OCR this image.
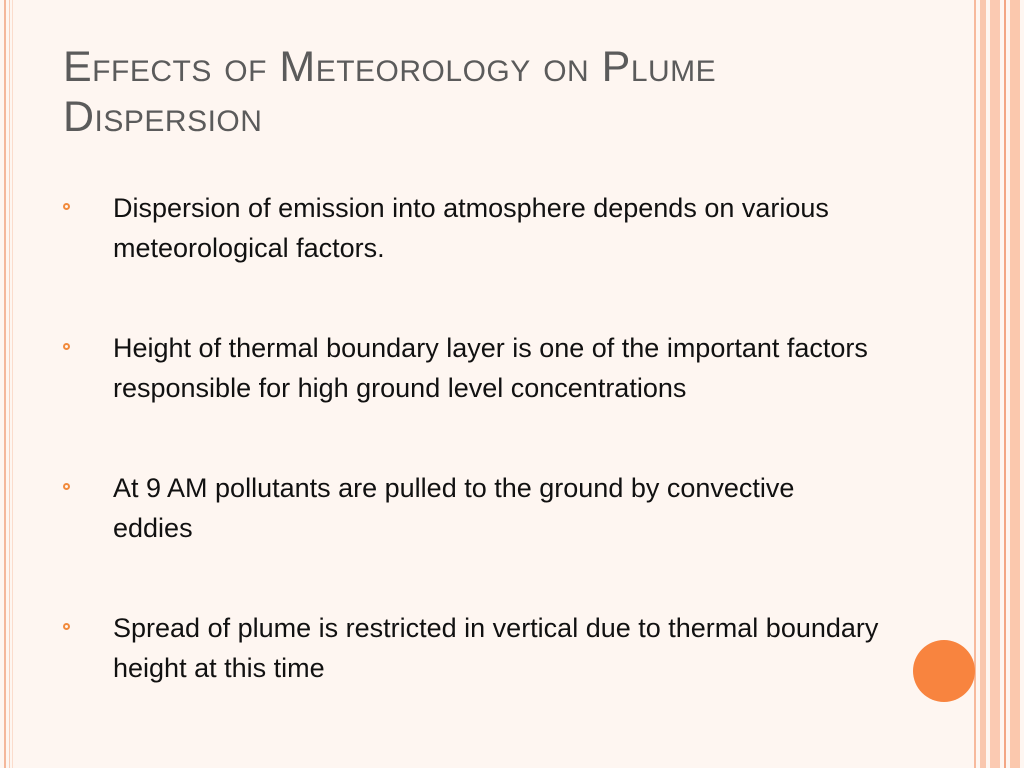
Effects of Meteorology on Plume Dispersion
Dispersion of emission into atmosphere depends on various meteorological factors.
Height of thermal boundary layer is one of the important factors responsible for high ground level concentrations
At 9 AM pollutants are pulled to the ground by convective eddies
Spread of plume is restricted in vertical due to thermal boundary height at this time
